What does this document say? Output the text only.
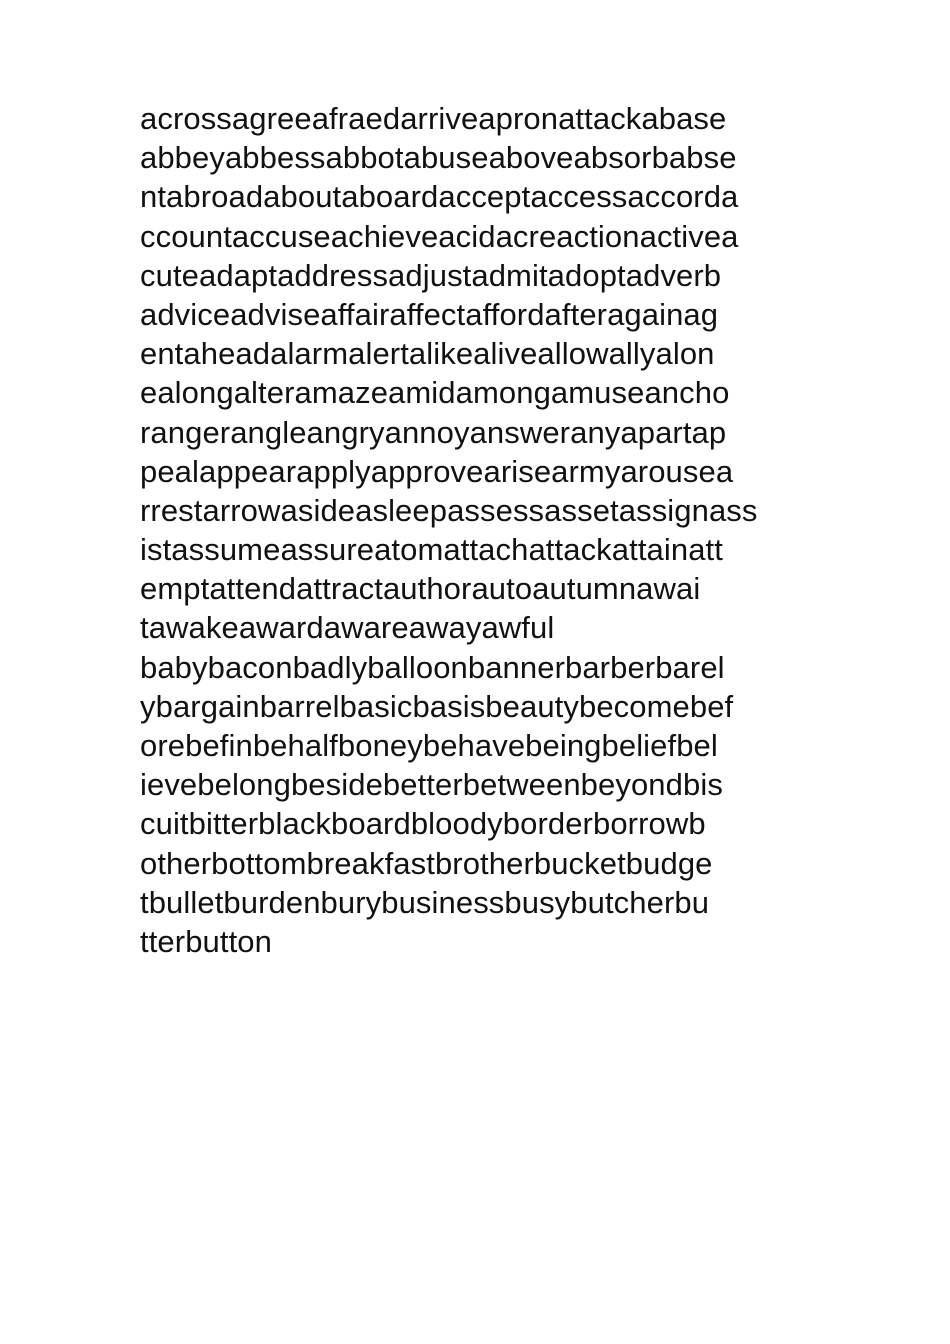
acrossagreeafraedarriveapronattackabase
abbeyabbessabbotabuseaboveabsorbabse
ntabroadaboutaboardacceptaccessaccorda
ccountaccuseachieveacidacreactionactivea
cuteadaptaddressadjustadmitadoptadverb
adviceadviseaffairaffectaffordafteragainag
entaheadalarmalertalikealiveallowallyalon
ealongalteramazeamidamongamuseancho
rangerangleangryannoyansweranyapartap
pealappearapplyapprovearisearmyarousea
rrestarrowasideasleepassessassetassignass
istassumeassureatomattachattackattainatt
emptattendattractauthorautoautumnawai
tawakeawardawareawayawful
babybaconbadlyballoonbannerbarberbarel
ybargainbarrelbasicbasisbeautybecomebef
orebefinbehalfboneybehavebeingbeliefbel
ievebelongbesidebetterbetweenbeyondbis
cuitbitterblackboardbloodyborderborrowb
otherbottombreakfastbrotherbucketbudge
tbulletburdenburybusinessbusybutcherbu
tterbutton
